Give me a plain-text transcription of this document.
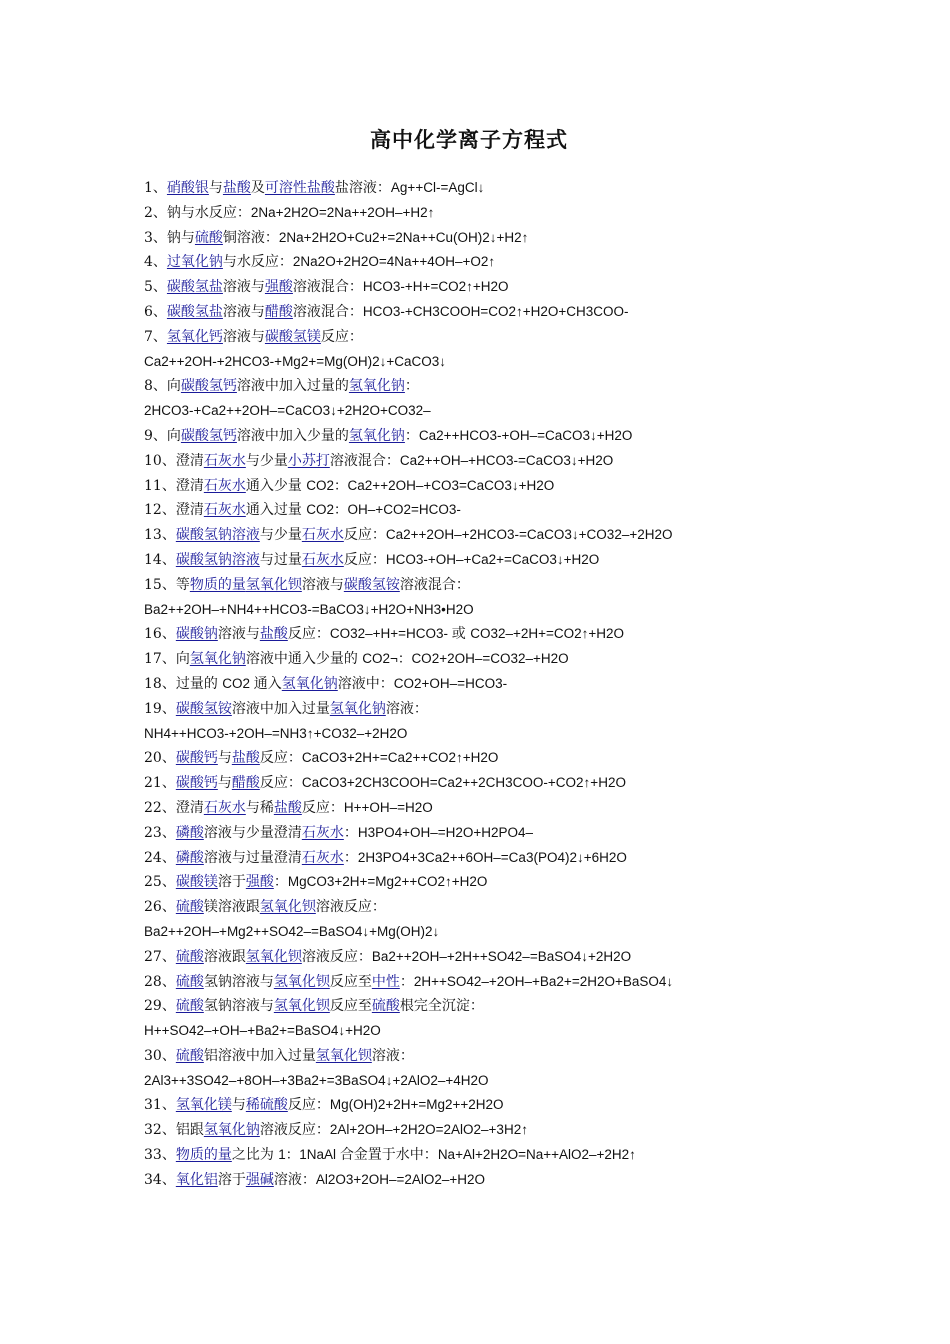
高中化学离子方程式
1、硝酸银与盐酸及可溶性盐酸盐溶液：Ag++Cl-=AgCl↓
2、钠与水反应：2Na+2H2O=2Na++2OH–+H2↑
3、钠与硫酸铜溶液：2Na+2H2O+Cu2+=2Na++Cu(OH)2↓+H2↑
4、过氧化钠与水反应：2Na2O+2H2O=4Na++4OH–+O2↑
5、碳酸氢盐溶液与强酸溶液混合：HCO3-+H+=CO2↑+H2O
6、碳酸氢盐溶液与醋酸溶液混合：HCO3-+CH3COOH=CO2↑+H2O+CH3COO-
7、氢氧化钙溶液与碳酸氢镁反应：
Ca2++2OH-+2HCO3-+Mg2+=Mg(OH)2↓+CaCO3↓
8、向碳酸氢钙溶液中加入过量的氢氧化钠：
2HCO3-+Ca2++2OH–=CaCO3↓+2H2O+CO32–
9、向碳酸氢钙溶液中加入少量的氢氧化钠：Ca2++HCO3-+OH–=CaCO3↓+H2O
10、澄清石灰水与少量小苏打溶液混合：Ca2++OH–+HCO3-=CaCO3↓+H2O
11、澄清石灰水通入少量 CO2：Ca2++2OH–+CO3=CaCO3↓+H2O
12、澄清石灰水通入过量 CO2：OH–+CO2=HCO3-
13、碳酸氢钠溶液与少量石灰水反应：Ca2++2OH–+2HCO3-=CaCO3↓+CO32–+2H2O
14、碳酸氢钠溶液与过量石灰水反应：HCO3-+OH–+Ca2+=CaCO3↓+H2O
15、等物质的量氢氧化钡溶液与碳酸氢铵溶液混合：
Ba2++2OH–+NH4++HCO3-=BaCO3↓+H2O+NH3•H2O
16、碳酸钠溶液与盐酸反应：CO32–+H+=HCO3- 或 CO32–+2H+=CO2↑+H2O
17、向氢氧化钠溶液中通入少量的 CO2¬：CO2+2OH–=CO32–+H2O
18、过量的 CO2 通入氢氧化钠溶液中：CO2+OH–=HCO3-
19、碳酸氢铵溶液中加入过量氢氧化钠溶液：
NH4++HCO3-+2OH–=NH3↑+CO32–+2H2O
20、碳酸钙与盐酸反应：CaCO3+2H+=Ca2++CO2↑+H2O
21、碳酸钙与醋酸反应：CaCO3+2CH3COOH=Ca2++2CH3COO-+CO2↑+H2O
22、澄清石灰水与稀盐酸反应：H++OH–=H2O
23、磷酸溶液与少量澄清石灰水：H3PO4+OH–=H2O+H2PO4–
24、磷酸溶液与过量澄清石灰水：2H3PO4+3Ca2++6OH–=Ca3(PO4)2↓+6H2O
25、碳酸镁溶于强酸：MgCO3+2H+=Mg2++CO2↑+H2O
26、硫酸镁溶液跟氢氧化钡溶液反应：
Ba2++2OH–+Mg2++SO42–=BaSO4↓+Mg(OH)2↓
27、硫酸溶液跟氢氧化钡溶液反应：Ba2++2OH–+2H++SO42–=BaSO4↓+2H2O
28、硫酸氢钠溶液与氢氧化钡反应至中性：2H++SO42–+2OH–+Ba2+=2H2O+BaSO4↓
29、硫酸氢钠溶液与氢氧化钡反应至硫酸根完全沉淀：
H++SO42–+OH–+Ba2+=BaSO4↓+H2O
30、硫酸铝溶液中加入过量氢氧化钡溶液：
2Al3++3SO42–+8OH–+3Ba2+=3BaSO4↓+2AlO2–+4H2O
31、氢氧化镁与稀硫酸反应：Mg(OH)2+2H+=Mg2++2H2O
32、铝跟氢氧化钠溶液反应：2Al+2OH–+2H2O=2AlO2–+3H2↑
33、物质的量之比为 1：1NaAl 合金置于水中：Na+Al+2H2O=Na++AlO2–+2H2↑
34、氧化铝溶于强碱溶液：Al2O3+2OH–=2AlO2–+H2O
